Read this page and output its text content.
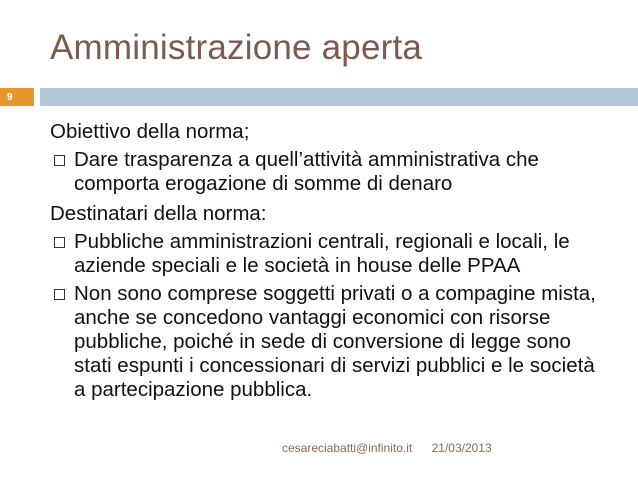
Amministrazione aperta
9

Obiettivo della norma;

Dare trasparenza a quell’attività amministrativa che comporta erogazione di somme di denaro

Destinatari della norma:

Pubbliche amministrazioni centrali, regionali e locali, le aziende speciali e le società in house delle PPAA
Non sono comprese soggetti privati o a compagine mista, anche se concedono vantaggi economici con risorse pubbliche, poiché in sede di conversione di legge sono stati espunti i concessionari di servizi pubblici e le società a partecipazione pubblica.
cesareciabatti@infinito.it 21/03/2013
